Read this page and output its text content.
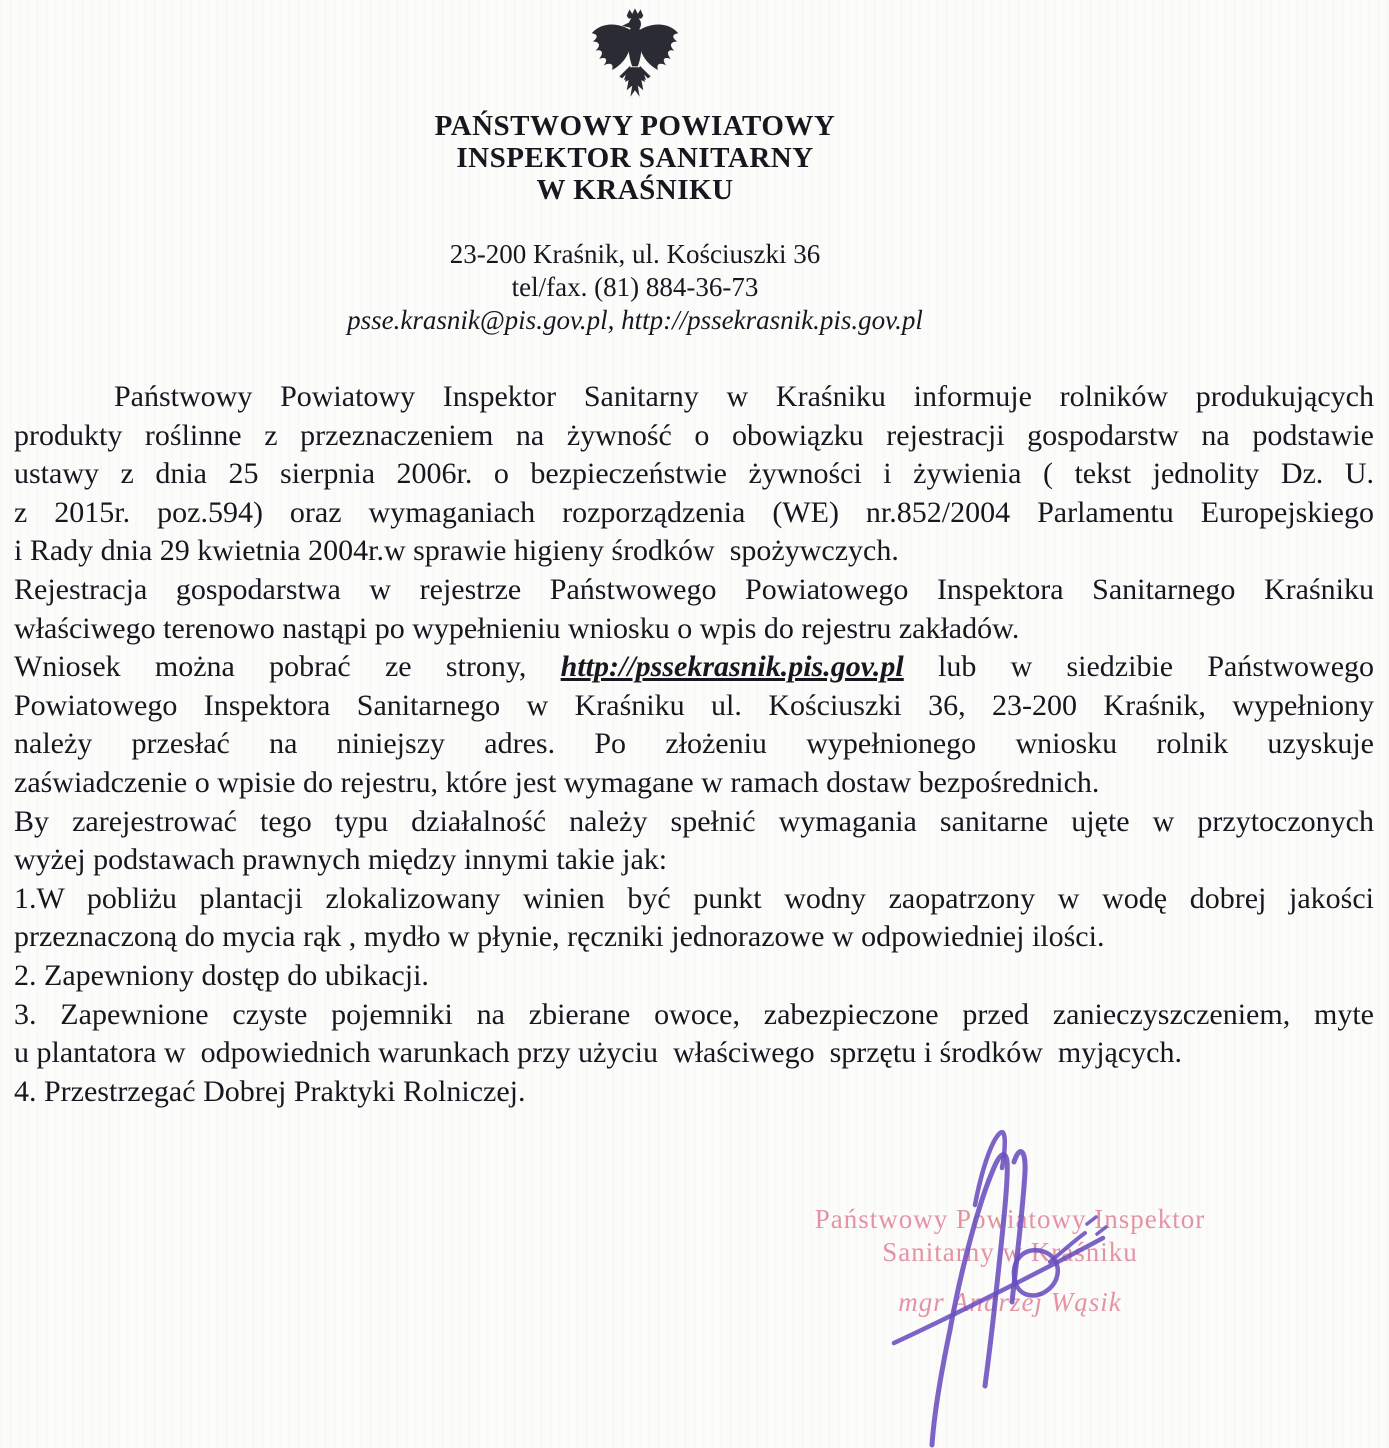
PAŃSTWOWY POWIATOWY
INSPEKTOR SANITARNY
W KRAŚNIKU
23-200 Kraśnik, ul. Kościuszki 36
tel/fax. (81) 884-36-73
psse.krasnik@pis.gov.pl, http://pssekrasnik.pis.gov.pl
Państwowy Powiatowy Inspektor Sanitarny w Kraśniku informuje rolników produkujących
produkty roślinne z przeznaczeniem na żywność o obowiązku rejestracji gospodarstw na podstawie
ustawy z dnia 25 sierpnia 2006r. o bezpieczeństwie żywności i żywienia ( tekst jednolity Dz. U.
z 2015r. poz.594) oraz wymaganiach rozporządzenia (WE) nr.852/2004 Parlamentu Europejskiego
i Rady dnia 29 kwietnia 2004r.w sprawie higieny środków  spożywczych.
Rejestracja gospodarstwa w rejestrze Państwowego Powiatowego Inspektora Sanitarnego Kraśniku
właściwego terenowo nastąpi po wypełnieniu wniosku o wpis do rejestru zakładów.
Wniosek można pobrać ze strony, http://pssekrasnik.pis.gov.pl lub w siedzibie Państwowego
Powiatowego Inspektora Sanitarnego w Kraśniku ul. Kościuszki 36, 23-200 Kraśnik, wypełniony
należy przesłać na niniejszy adres. Po złożeniu wypełnionego wniosku rolnik uzyskuje
zaświadczenie o wpisie do rejestru, które jest wymagane w ramach dostaw bezpośrednich.
By zarejestrować tego typu działalność należy spełnić wymagania sanitarne ujęte w przytoczonych
wyżej podstawach prawnych między innymi takie jak:
1.W pobliżu plantacji zlokalizowany winien być punkt wodny zaopatrzony w wodę dobrej jakości
przeznaczoną do mycia rąk , mydło w płynie, ręczniki jednorazowe w odpowiedniej ilości.
2. Zapewniony dostęp do ubikacji.
3. Zapewnione czyste pojemniki na zbierane owoce, zabezpieczone przed zanieczyszczeniem, myte
u plantatora w  odpowiednich warunkach przy użyciu  właściwego  sprzętu i środków  myjących.
4. Przestrzegać Dobrej Praktyki Rolniczej.
Państwowy Powiatowy Inspektor
Sanitarny w Kraśniku
mgr Andrzej Wąsik
